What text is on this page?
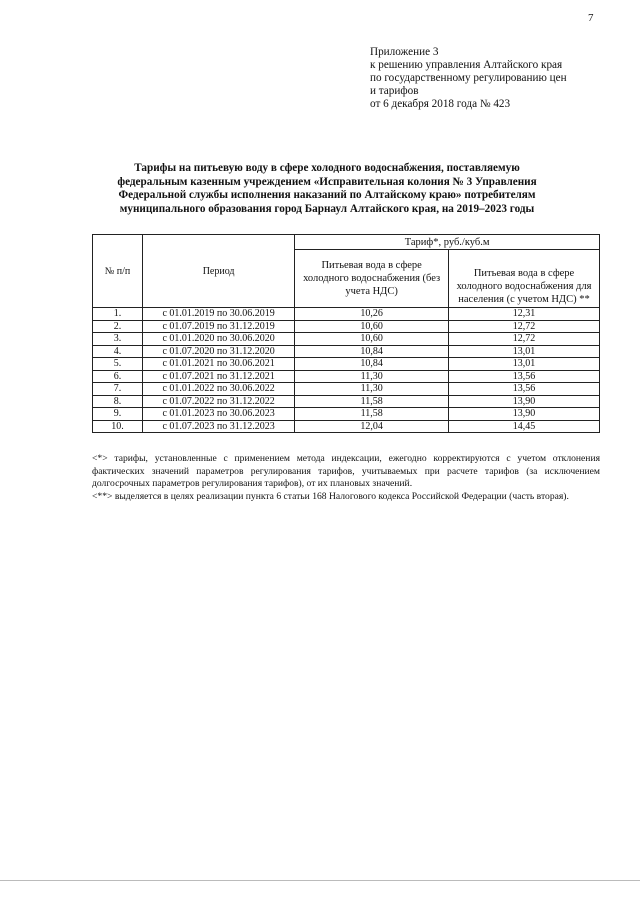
7
Приложение 3
к решению управления Алтайского края
по государственному регулированию цен
и тарифов
от 6 декабря 2018 года № 423
Тарифы на питьевую воду в сфере холодного водоснабжения, поставляемую
федеральным казенным учреждением «Исправительная колония № 3 Управления
Федеральной службы исполнения наказаний по Алтайскому краю» потребителям
муниципального образования город Барнаул Алтайского края, на 2019–2023 годы
№ п/п	Период	Тариф*, руб./куб.м	
		Питьевая вода в сфере холодного водоснабжения (без учета НДС)	Питьевая вода в сфере холодного водоснабжения для населения (с учетом НДС) **
1.	с 01.01.2019 по 30.06.2019	10,26	12,31
2.	с 01.07.2019 по 31.12.2019	10,60	12,72
3.	с 01.01.2020 по 30.06.2020	10,60	12,72
4.	с 01.07.2020 по 31.12.2020	10,84	13,01
5.	с 01.01.2021 по 30.06.2021	10,84	13,01
6.	с 01.07.2021 по 31.12.2021	11,30	13,56
7.	с 01.01.2022 по 30.06.2022	11,30	13,56
8.	с 01.07.2022 по 31.12.2022	11,58	13,90
9.	с 01.01.2023 по 30.06.2023	11,58	13,90
10.	с 01.07.2023 по 31.12.2023	12,04	14,45

<*> тарифы, установленные с применением метода индексации, ежегодно корректируются с учетом отклонения фактических значений параметров регулирования тарифов, учитываемых при расчете тарифов (за исключением долгосрочных параметров регулирования тарифов), от их плановых значений.

<**> выделяется в целях реализации пункта 6 статьи 168 Налогового кодекса Российской Федерации (часть вторая).
